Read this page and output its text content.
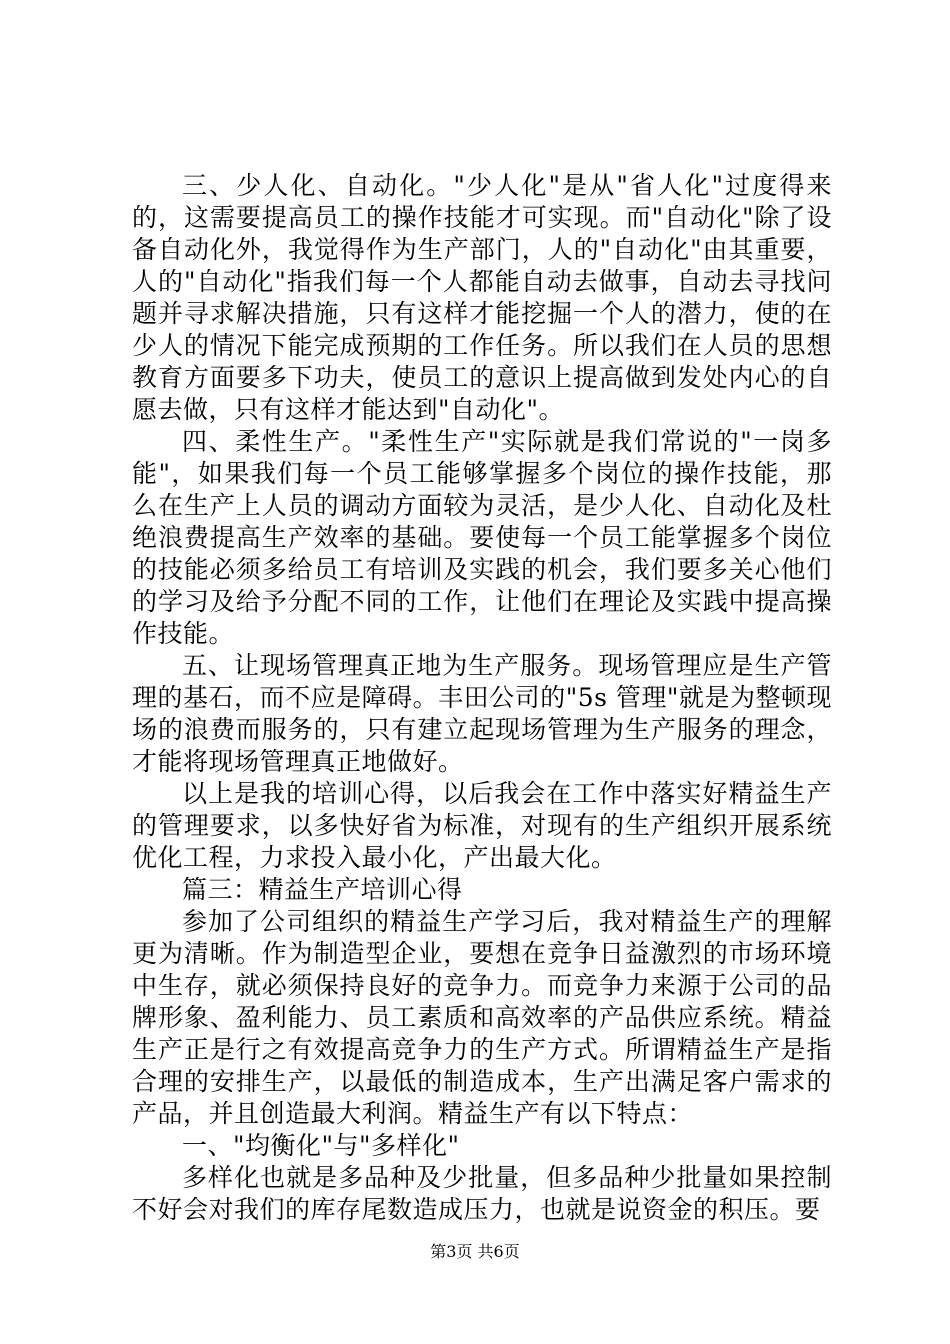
三、少人化、自动化。"少人化"是从"省人化"过度得来的，这需要提高员工的操作技能才可实现。而"自动化"除了设备自动化外，我觉得作为生产部门，人的"自动化"由其重要，人的"自动化"指我们每一个人都能自动去做事，自动去寻找问题并寻求解决措施，只有这样才能挖掘一个人的潜力，使的在少人的情况下能完成预期的工作任务。所以我们在人员的思想教育方面要多下功夫，使员工的意识上提高做到发处内心的自愿去做，只有这样才能达到"自动化"。

四、柔性生产。"柔性生产"实际就是我们常说的"一岗多能"，如果我们每一个员工能够掌握多个岗位的操作技能，那么在生产上人员的调动方面较为灵活，是少人化、自动化及杜绝浪费提高生产效率的基础。要使每一个员工能掌握多个岗位的技能必须多给员工有培训及实践的机会，我们要多关心他们的学习及给予分配不同的工作，让他们在理论及实践中提高操作技能。

五、让现场管理真正地为生产服务。现场管理应是生产管理的基石，而不应是障碍。丰田公司的"5s 管理"就是为整顿现场的浪费而服务的，只有建立起现场管理为生产服务的理念，才能将现场管理真正地做好。

以上是我的培训心得，以后我会在工作中落实好精益生产的管理要求，以多快好省为标准，对现有的生产组织开展系统优化工程，力求投入最小化，产出最大化。

篇三：精益生产培训心得

参加了公司组织的精益生产学习后，我对精益生产的理解更为清晰。作为制造型企业，要想在竞争日益激烈的市场环境中生存，就必须保持良好的竞争力。而竞争力来源于公司的品牌形象、盈利能力、员工素质和高效率的产品供应系统。精益生产正是行之有效提高竞争力的生产方式。所谓精益生产是指合理的安排生产，以最低的制造成本，生产出满足客户需求的产品，并且创造最大利润。精益生产有以下特点：

一、"均衡化"与"多样化"

多样化也就是多品种及少批量，但多品种少批量如果控制不好会对我们的库存尾数造成压力，也就是说资金的积压。要

第3页 共6页
